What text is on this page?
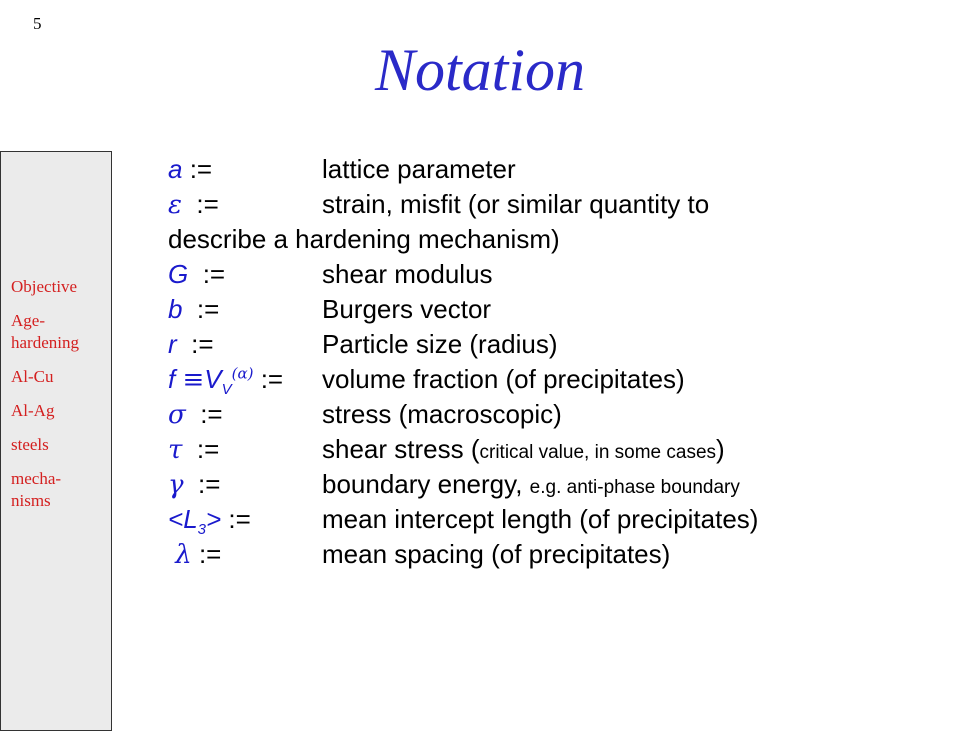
5
Notation
Objective
Age-
hardening
Al-Cu
Al-Ag
steels
mecha-
nisms
a :=	lattice parameter
ε :=	strain, misfit (or similar quantity to
describe a hardening mechanism)
G :=	shear modulus
b :=	Burgers vector
r :=	Particle size (radius)
$f \equiv V_V^{(\alpha)}$ := volume fraction (of precipitates)
σ :=	stress (macroscopic)
τ :=	shear stress (critical value, in some cases)
γ :=	boundary energy, e.g. anti-phase boundary
$<L_3>$ :=	mean intercept length (of precipitates)
λ :=	mean spacing (of precipitates)
